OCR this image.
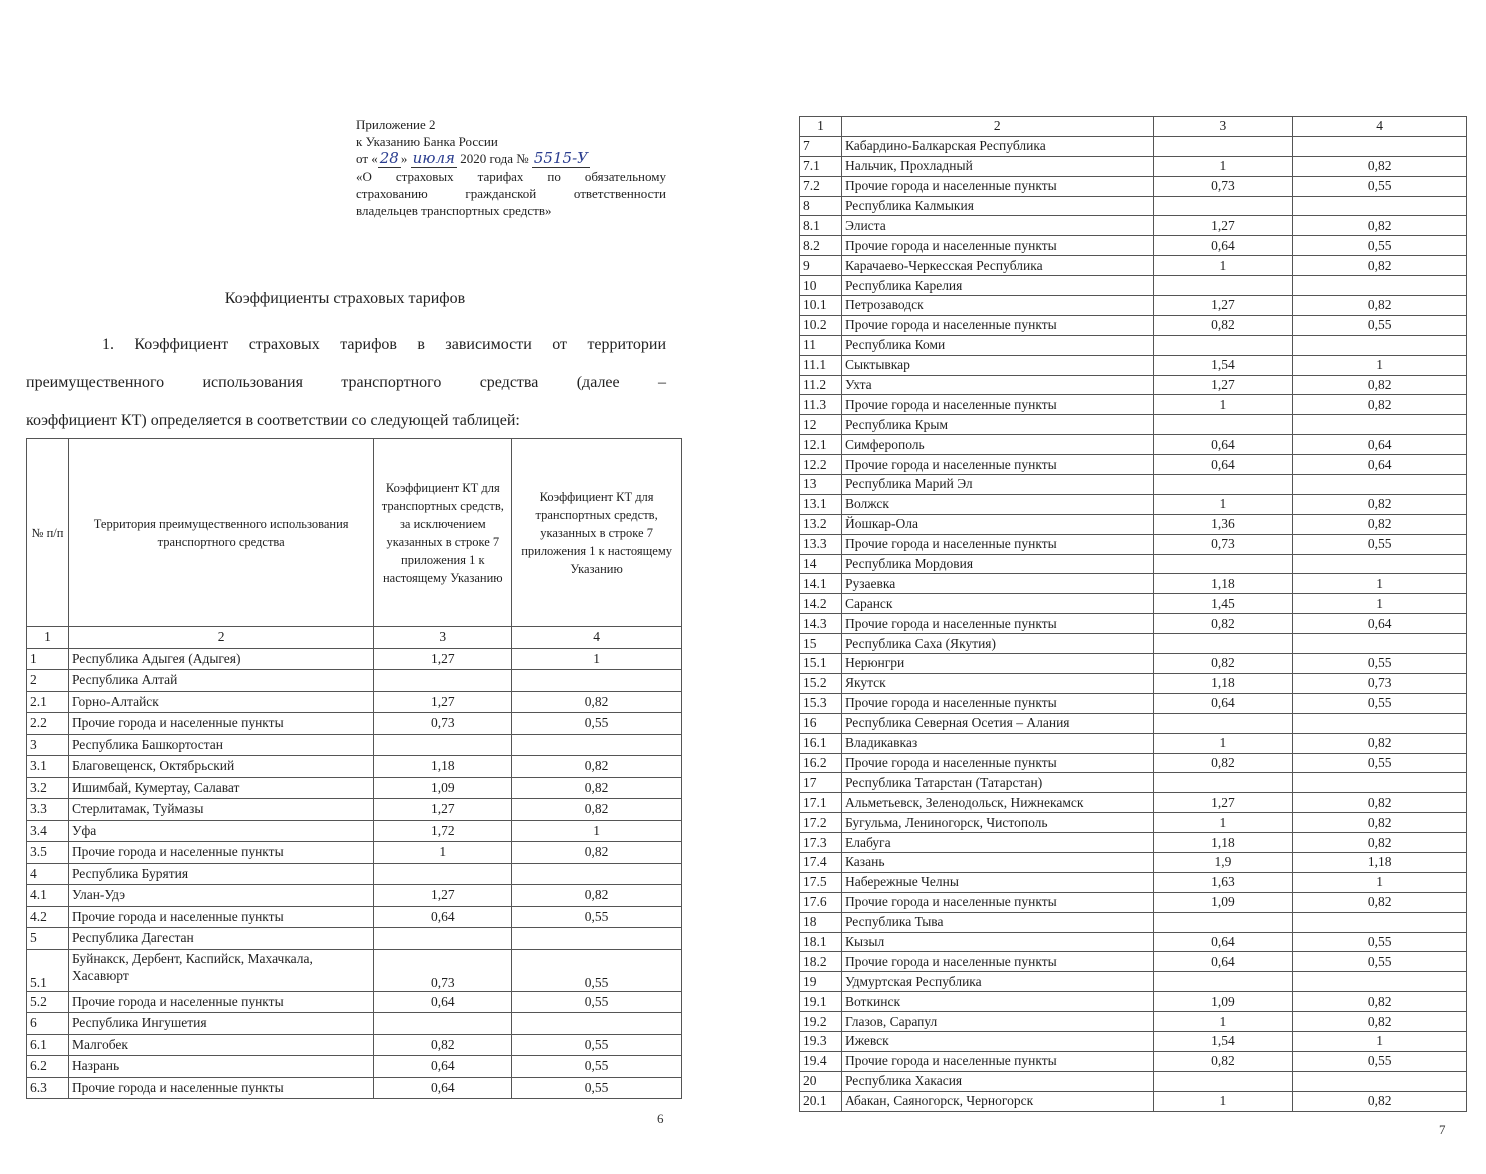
Приложение 2
к Указанию Банка России
от « 28 » июля 2020 года № 5515-У
«О страховых тарифах по обязательному
страхованию гражданской ответственности
владельцев транспортных средств»
Коэффициенты страховых тарифов
1. Коэффициент страховых тарифов в зависимости от территории
преимущественного использования транспортного средства (далее –
коэффициент КТ) определяется в соответствии со следующей таблицей:
№ п/п	Территория преимущественного использования транспортного средства	Коэффициент КТ для транспортных средств, за исключением указанных в строке 7 приложения 1 к настоящему Указанию	Коэффициент КТ для транспортных средств, указанных в строке 7 приложения 1 к настоящему Указанию
1	2	3	4
1	Республика Адыгея (Адыгея)	1,27	1
2	Республика Алтай		
2.1	Горно-Алтайск	1,27	0,82
2.2	Прочие города и населенные пункты	0,73	0,55
3	Республика Башкортостан		
3.1	Благовещенск, Октябрьский	1,18	0,82
3.2	Ишимбай, Кумертау, Салават	1,09	0,82
3.3	Стерлитамак, Туймазы	1,27	0,82
3.4	Уфа	1,72	1
3.5	Прочие города и населенные пункты	1	0,82
4	Республика Бурятия		
4.1	Улан-Удэ	1,27	0,82
4.2	Прочие города и населенные пункты	0,64	0,55
5	Республика Дагестан		
5.1	Буйнакск, Дербент, Каспийск, Махачкала, Хасавюрт	0,73	0,55
5.2	Прочие города и населенные пункты	0,64	0,55
6	Республика Ингушетия		
6.1	Малгобек	0,82	0,55
6.2	Назрань	0,64	0,55
6.3	Прочие города и населенные пункты	0,64	0,55
6
1	2	3	4
7	Кабардино-Балкарская Республика		
7.1	Нальчик, Прохладный	1	0,82
7.2	Прочие города и населенные пункты	0,73	0,55
8	Республика Калмыкия		
8.1	Элиста	1,27	0,82
8.2	Прочие города и населенные пункты	0,64	0,55
9	Карачаево-Черкесская Республика	1	0,82
10	Республика Карелия		
10.1	Петрозаводск	1,27	0,82
10.2	Прочие города и населенные пункты	0,82	0,55
11	Республика Коми		
11.1	Сыктывкар	1,54	1
11.2	Ухта	1,27	0,82
11.3	Прочие города и населенные пункты	1	0,82
12	Республика Крым		
12.1	Симферополь	0,64	0,64
12.2	Прочие города и населенные пункты	0,64	0,64
13	Республика Марий Эл		
13.1	Волжск	1	0,82
13.2	Йошкар-Ола	1,36	0,82
13.3	Прочие города и населенные пункты	0,73	0,55
14	Республика Мордовия		
14.1	Рузаевка	1,18	1
14.2	Саранск	1,45	1
14.3	Прочие города и населенные пункты	0,82	0,64
15	Республика Саха (Якутия)		
15.1	Нерюнгри	0,82	0,55
15.2	Якутск	1,18	0,73
15.3	Прочие города и населенные пункты	0,64	0,55
16	Республика Северная Осетия – Алания		
16.1	Владикавказ	1	0,82
16.2	Прочие города и населенные пункты	0,82	0,55
17	Республика Татарстан (Татарстан)		
17.1	Альметьевск, Зеленодольск, Нижнекамск	1,27	0,82
17.2	Бугульма, Лениногорск, Чистополь	1	0,82
17.3	Елабуга	1,18	0,82
17.4	Казань	1,9	1,18
17.5	Набережные Челны	1,63	1
17.6	Прочие города и населенные пункты	1,09	0,82
18	Республика Тыва		
18.1	Кызыл	0,64	0,55
18.2	Прочие города и населенные пункты	0,64	0,55
19	Удмуртская Республика		
19.1	Воткинск	1,09	0,82
19.2	Глазов, Сарапул	1	0,82
19.3	Ижевск	1,54	1
19.4	Прочие города и населенные пункты	0,82	0,55
20	Республика Хакасия		
20.1	Абакан, Саяногорск, Черногорск	1	0,82
7
